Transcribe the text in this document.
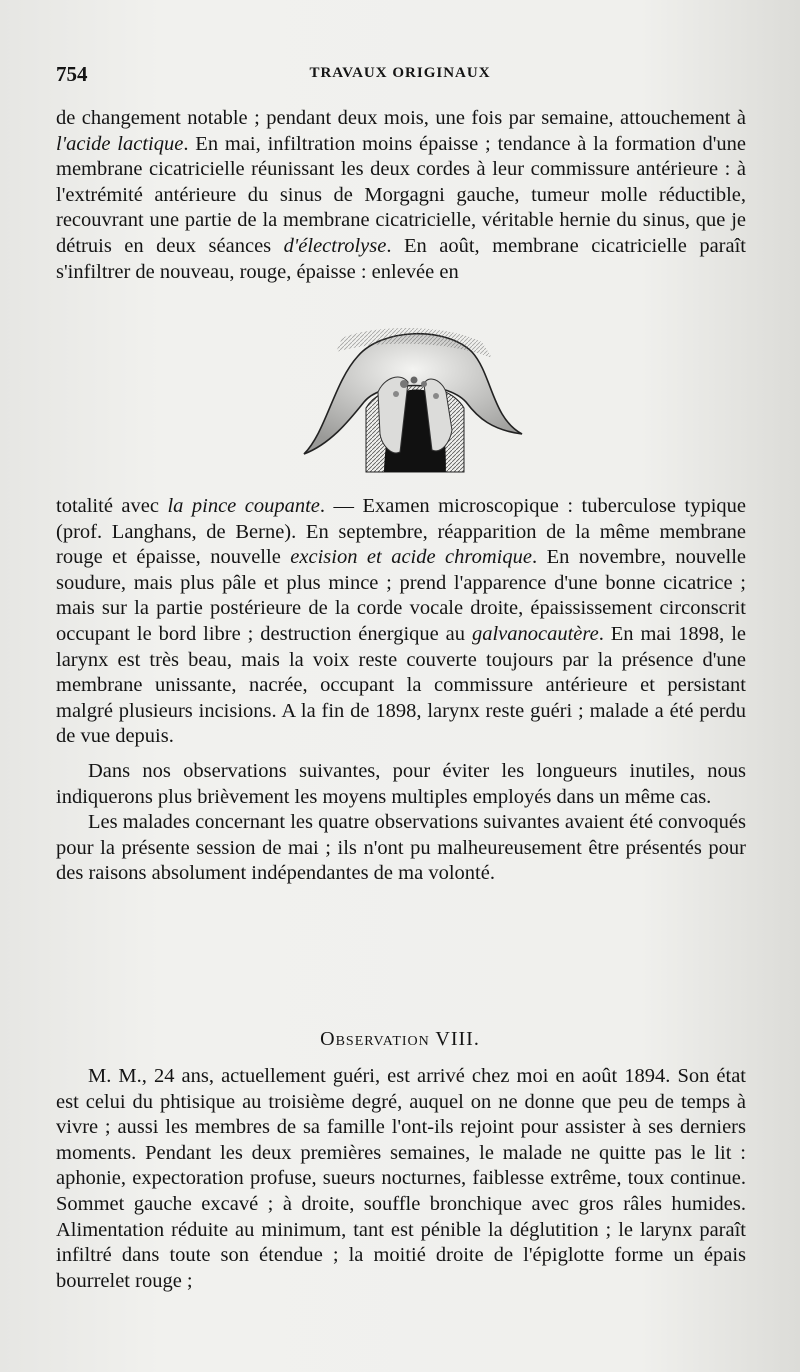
754	TRAVAUX ORIGINAUX

de changement notable ; pendant deux mois, une fois par semaine, attouchement à l'acide lactique. En mai, infiltration moins épaisse ; tendance à la formation d'une membrane cicatricielle réunissant les deux cordes à leur commissure antérieure : à l'extrémité antérieure du sinus de Morgagni gauche, tumeur molle réductible, recouvrant une partie de la membrane cicatricielle, véritable hernie du sinus, que je détruis en deux séances d'électrolyse. En août, membrane cicatricielle paraît s'infiltrer de nouveau, rouge, épaisse : enlevée en

totalité avec la pince coupante. — Examen microscopique : tuberculose typique (prof. Langhans, de Berne). En septembre, réapparition de la même membrane rouge et épaisse, nouvelle excision et acide chromique. En novembre, nouvelle soudure, mais plus pâle et plus mince ; prend l'apparence d'une bonne cicatrice ; mais sur la partie postérieure de la corde vocale droite, épaississement circonscrit occupant le bord libre ; destruction énergique au galvanocautère. En mai 1898, le larynx est très beau, mais la voix reste couverte toujours par la présence d'une membrane unissante, nacrée, occupant la commissure antérieure et persistant malgré plusieurs incisions. A la fin de 1898, larynx reste guéri ; malade a été perdu de vue depuis.

Dans nos observations suivantes, pour éviter les longueurs inutiles, nous indiquerons plus brièvement les moyens multiples employés dans un même cas.

Les malades concernant les quatre observations suivantes avaient été convoqués pour la présente session de mai ; ils n'ont pu malheureusement être présentés pour des raisons absolument indépendantes de ma volonté.

Observation VIII.

M. M., 24 ans, actuellement guéri, est arrivé chez moi en août 1894. Son état est celui du phtisique au troisième degré, auquel on ne donne que peu de temps à vivre ; aussi les membres de sa famille l'ont-ils rejoint pour assister à ses derniers moments. Pendant les deux premières semaines, le malade ne quitte pas le lit : aphonie, expectoration profuse, sueurs nocturnes, faiblesse extrême, toux continue. Sommet gauche excavé ; à droite, souffle bronchique avec gros râles humides. Alimentation réduite au minimum, tant est pénible la déglutition ; le larynx paraît infiltré dans toute son étendue ; la moitié droite de l'épiglotte forme un épais bourrelet rouge ;
